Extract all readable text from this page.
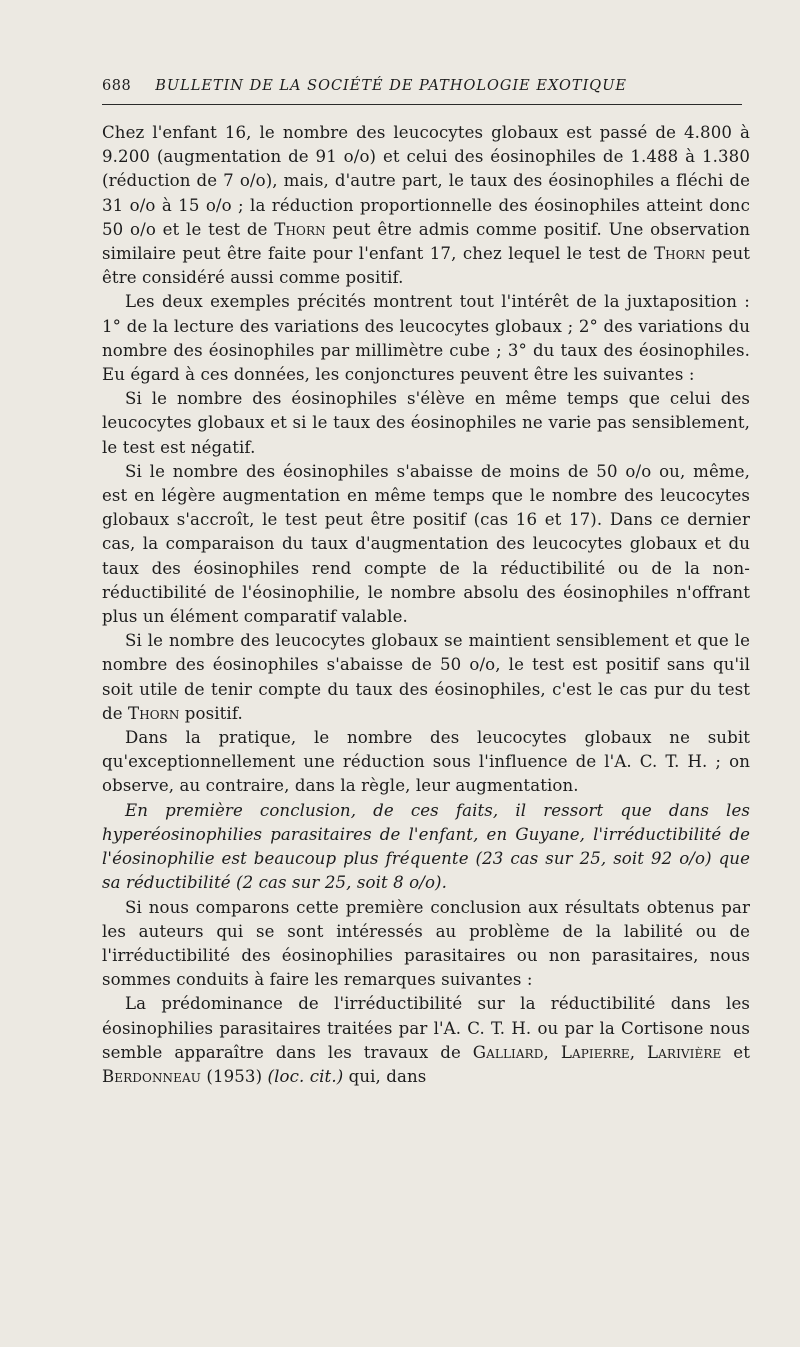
688 BULLETIN DE LA SOCIÉTÉ DE PATHOLOGIE EXOTIQUE

Chez l'enfant 16, le nombre des leucocytes globaux est passé de 4.800 à 9.200 (augmentation de 91 o/o) et celui des éosinophiles de 1.488 à 1.380 (réduction de 7 o/o), mais, d'autre part, le taux des éosinophiles a fléchi de 31 o/o à 15 o/o ; la réduction proportionnelle des éosinophiles atteint donc 50 o/o et le test de Thorn peut être admis comme positif. Une observation similaire peut être faite pour l'enfant 17, chez lequel le test de Thorn peut être considéré aussi comme positif.

Les deux exemples précités montrent tout l'intérêt de la juxtaposition : 1° de la lecture des variations des leucocytes globaux ; 2° des variations du nombre des éosinophiles par millimètre cube ; 3° du taux des éosinophiles. Eu égard à ces données, les conjonctures peuvent être les suivantes :

Si le nombre des éosinophiles s'élève en même temps que celui des leucocytes globaux et si le taux des éosinophiles ne varie pas sensiblement, le test est négatif.

Si le nombre des éosinophiles s'abaisse de moins de 50 o/o ou, même, est en légère augmentation en même temps que le nombre des leucocytes globaux s'accroît, le test peut être positif (cas 16 et 17). Dans ce dernier cas, la comparaison du taux d'augmentation des leucocytes globaux et du taux des éosinophiles rend compte de la réductibilité ou de la non-réductibilité de l'éosinophilie, le nombre absolu des éosinophiles n'offrant plus un élément comparatif valable.

Si le nombre des leucocytes globaux se maintient sensiblement et que le nombre des éosinophiles s'abaisse de 50 o/o, le test est positif sans qu'il soit utile de tenir compte du taux des éosinophiles, c'est le cas pur du test de Thorn positif.

Dans la pratique, le nombre des leucocytes globaux ne subit qu'exceptionnellement une réduction sous l'influence de l'A. C. T. H. ; on observe, au contraire, dans la règle, leur augmentation.

En première conclusion, de ces faits, il ressort que dans les hyperéosinophilies parasitaires de l'enfant, en Guyane, l'irréductibilité de l'éosinophilie est beaucoup plus fréquente (23 cas sur 25, soit 92 o/o) que sa réductibilité (2 cas sur 25, soit 8 o/o).

Si nous comparons cette première conclusion aux résultats obtenus par les auteurs qui se sont intéressés au problème de la labilité ou de l'irréductibilité des éosinophilies parasitaires ou non parasitaires, nous sommes conduits à faire les remarques suivantes :

La prédominance de l'irréductibilité sur la réductibilité dans les éosinophilies parasitaires traitées par l'A. C. T. H. ou par la Cortisone nous semble apparaître dans les travaux de Galliard, Lapierre, Larivière et Berdonneau (1953) (loc. cit.) qui, dans
